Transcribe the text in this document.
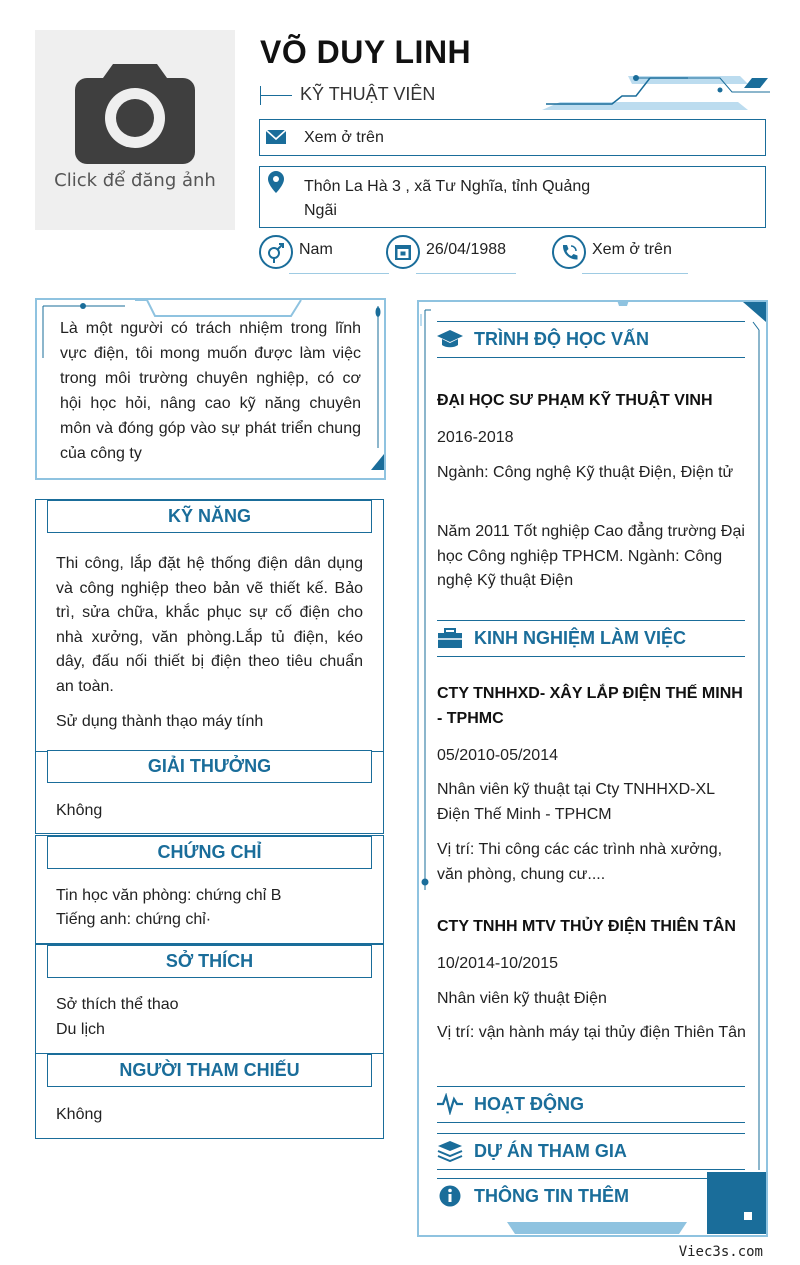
Click để đăng ảnh
VÕ DUY LINH
KỸ THUẬT VIÊN
Xem ở trên
Thôn La Hà 3 , xã Tư Nghĩa, tỉnh Quảng Ngãi
Nam	26/04/1988	Xem ở trên
Là một người có trách nhiệm trong lĩnh vực điện, tôi mong muốn được làm việc trong môi trường chuyên nghiệp, có cơ hội học hỏi, nâng cao kỹ năng chuyên môn và đóng góp vào sự phát triển chung của công ty
KỸ NĂNG
Thi công, lắp đặt hệ thống điện dân dụng và công nghiệp theo bản vẽ thiết kế. Bảo trì, sửa chữa, khắc phục sự cố điện cho nhà xưởng, văn phòng.Lắp tủ điện, kéo dây, đấu nối thiết bị điện theo tiêu chuẩn an toàn.
Sử dụng thành thạo máy tính
GIẢI THƯỞNG
Không
CHỨNG CHỈ
Tin học văn phòng: chứng chỉ B
Tiếng anh: chứng chỉ·
SỞ THÍCH
Sở thích thể thao
Du lịch
NGƯỜI THAM CHIẾU
Không
TRÌNH ĐỘ HỌC VẤN
ĐẠI HỌC SƯ PHẠM KỸ THUẬT VINH
2016-2018
Ngành: Công nghệ Kỹ thuật Điện, Điện tử
Năm 2011 Tốt nghiệp Cao đẳng trường Đại học Công nghiệp TPHCM. Ngành: Công nghệ Kỹ thuật Điện
KINH NGHIỆM LÀM VIỆC
CTY TNHHXD- XÂY LẮP ĐIỆN THẾ MINH - TPHMC
05/2010-05/2014
Nhân viên kỹ thuật tại Cty TNHHXD-XL Điện Thế Minh - TPHCM
Vị trí: Thi công các các trình nhà xưởng, văn phòng, chung cư....
CTY TNHH MTV THỦY ĐIỆN THIÊN TÂN
10/2014-10/2015
Nhân viên kỹ thuật Điện
Vị trí: vận hành máy tại thủy điện Thiên Tân
HOẠT ĐỘNG
DỰ ÁN THAM GIA
THÔNG TIN THÊM
Viec3s.com
